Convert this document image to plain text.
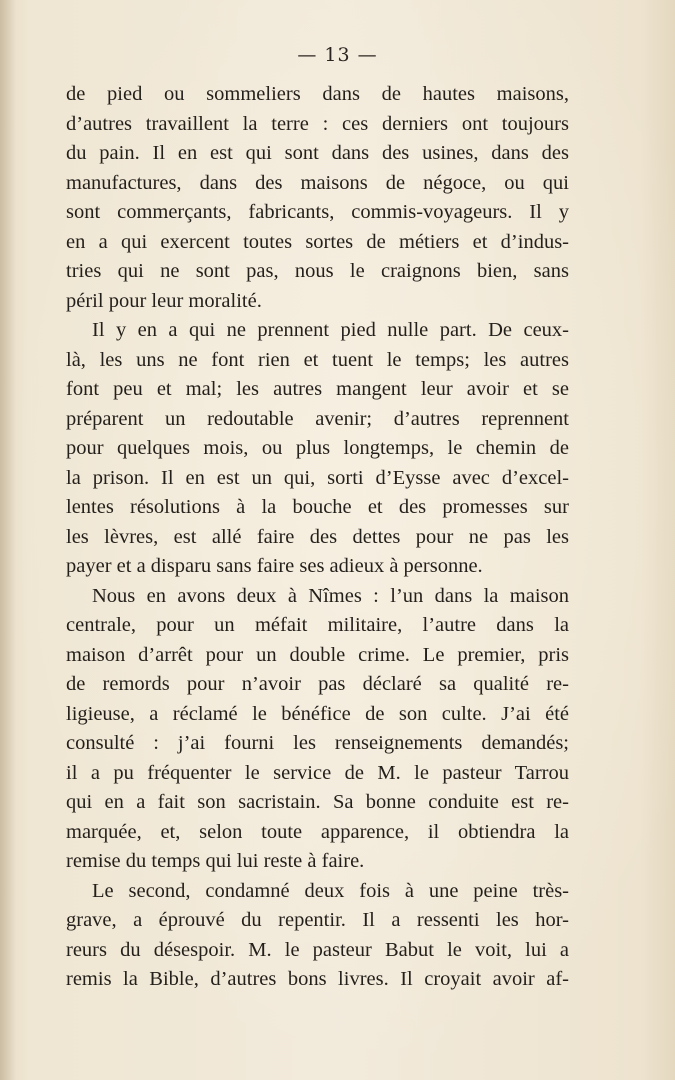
— 13 —
de pied ou sommeliers dans de hautes maisons,
d’autres travaillent la terre : ces derniers ont toujours
du pain. Il en est qui sont dans des usines, dans des
manufactures, dans des maisons de négoce, ou qui
sont commerçants, fabricants, commis-voyageurs. Il y
en a qui exercent toutes sortes de métiers et d’indus-
tries qui ne sont pas, nous le craignons bien, sans
péril pour leur moralité.
Il y en a qui ne prennent pied nulle part. De ceux-
là, les uns ne font rien et tuent le temps; les autres
font peu et mal; les autres mangent leur avoir et se
préparent un redoutable avenir; d’autres reprennent
pour quelques mois, ou plus longtemps, le chemin de
la prison. Il en est un qui, sorti d’Eysse avec d’excel-
lentes résolutions à la bouche et des promesses sur
les lèvres, est allé faire des dettes pour ne pas les
payer et a disparu sans faire ses adieux à personne.
Nous en avons deux à Nîmes : l’un dans la maison
centrale, pour un méfait militaire, l’autre dans la
maison d’arrêt pour un double crime. Le premier, pris
de remords pour n’avoir pas déclaré sa qualité re-
ligieuse, a réclamé le bénéfice de son culte. J’ai été
consulté : j’ai fourni les renseignements demandés;
il a pu fréquenter le service de M. le pasteur Tarrou
qui en a fait son sacristain. Sa bonne conduite est re-
marquée, et, selon toute apparence, il obtiendra la
remise du temps qui lui reste à faire.
Le second, condamné deux fois à une peine très-
grave, a éprouvé du repentir. Il a ressenti les hor-
reurs du désespoir. M. le pasteur Babut le voit, lui a
remis la Bible, d’autres bons livres. Il croyait avoir af-
